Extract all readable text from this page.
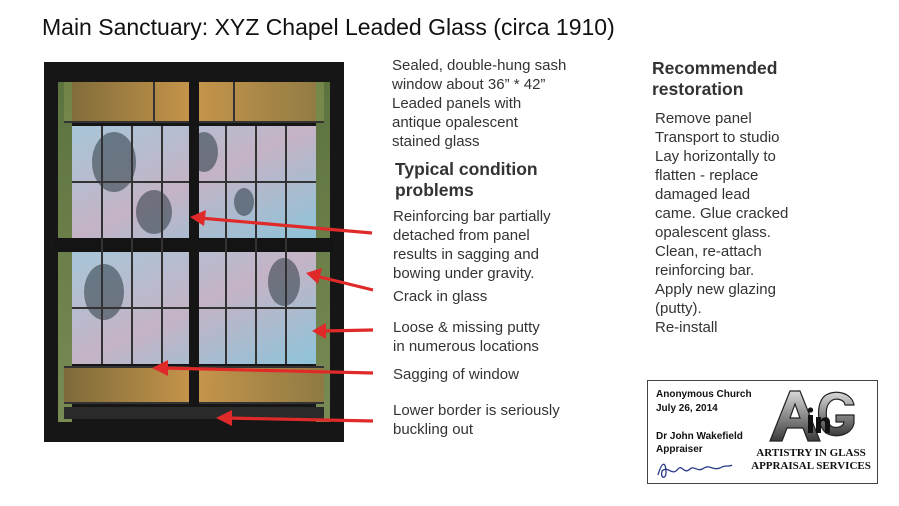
Main Sanctuary: XYZ Chapel Leaded Glass (circa 1910)
Sealed, double-hung sash
window about 36” * 42”
Leaded panels with
antique opalescent
stained glass
Typical condition
problems
Reinforcing bar partially
detached from panel
results in sagging and
bowing under gravity.
Crack in glass
Loose & missing putty
in numerous locations
Sagging of window
Lower border is seriously
buckling out
Recommended
restoration
Remove panel
Transport to studio
Lay horizontally to
flatten - replace
damaged lead
came. Glue cracked
opalescent glass.
Clean, re-attach
reinforcing bar.
Apply new glazing
(putty).
Re-install
Anonymous Church
July 26, 2014
Dr John Wakefield
Appraiser	ARTISTRY IN GLASS
APPRAISAL SERVICES
